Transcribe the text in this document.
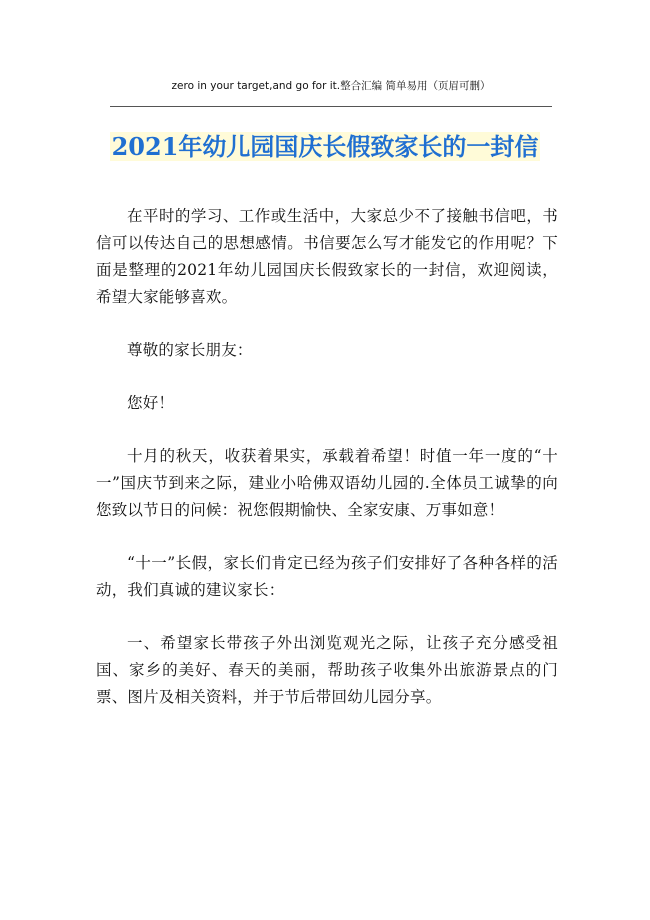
zero in your target,and go for it.整合汇编 简单易用（页眉可删）
2021年幼儿园国庆长假致家长的一封信

在平时的学习、工作或生活中，大家总少不了接触书信吧，书信可以传达自己的思想感情。书信要怎么写才能发它的作用呢？下面是整理的2021年幼儿园国庆长假致家长的一封信，欢迎阅读，希望大家能够喜欢。

尊敬的家长朋友：

您好！

十月的秋天，收获着果实，承载着希望！时值一年一度的“十一”国庆节到来之际，建业小哈佛双语幼儿园的.全体员工诚挚的向您致以节日的问候：祝您假期愉快、全家安康、万事如意！

“十一”长假，家长们肯定已经为孩子们安排好了各种各样的活动，我们真诚的建议家长：

一、希望家长带孩子外出浏览观光之际，让孩子充分感受祖国、家乡的美好、春天的美丽，帮助孩子收集外出旅游景点的门票、图片及相关资料，并于节后带回幼儿园分享。
